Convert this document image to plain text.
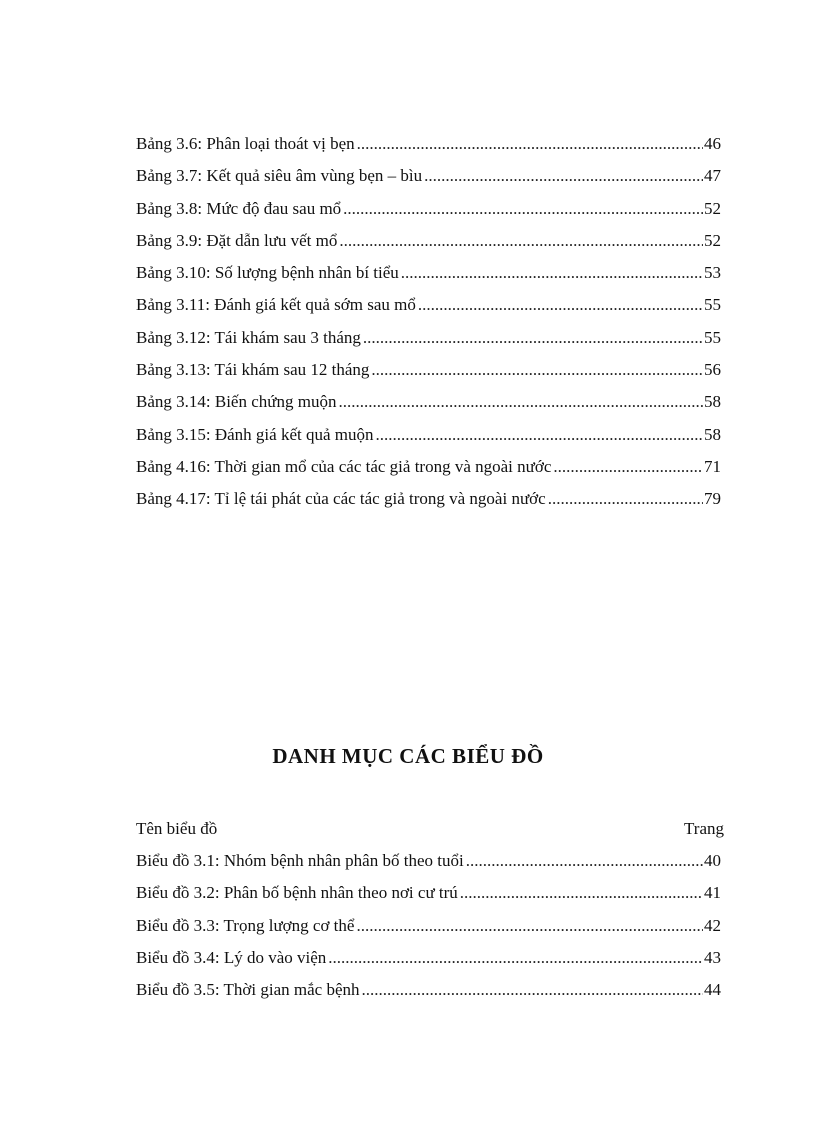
Bảng 3.6: Phân loại thoát vị bẹn .....	46
Bảng 3.7: Kết quả siêu âm vùng bẹn – bìu .....	47
Bảng 3.8: Mức độ đau sau mổ .....	52
Bảng 3.9: Đặt dẫn lưu vết mổ .....	52
Bảng 3.10: Số lượng bệnh nhân bí tiểu .....	53
Bảng 3.11: Đánh giá kết quả sớm sau mổ .....	55
Bảng 3.12: Tái khám sau 3 tháng .....	55
Bảng 3.13: Tái khám sau 12 tháng .....	56
Bảng 3.14: Biến chứng muộn .....	58
Bảng 3.15: Đánh giá kết quả muộn .....	58
Bảng 4.16: Thời gian mổ của các tác giả trong và ngoài nước .....	71
Bảng 4.17: Tỉ lệ tái phát của các tác giả trong và ngoài nước .....	79
DANH MỤC CÁC BIỂU ĐỒ
Tên biểu đồ	Trang
Biểu đồ 3.1: Nhóm bệnh nhân phân bố theo tuổi .....	40
Biểu đồ 3.2: Phân bố bệnh nhân theo nơi cư trú .....	41
Biểu đồ 3.3: Trọng lượng cơ thể .....	42
Biểu đồ 3.4: Lý do vào viện .....	43
Biểu đồ 3.5: Thời gian mắc bệnh .....	44
